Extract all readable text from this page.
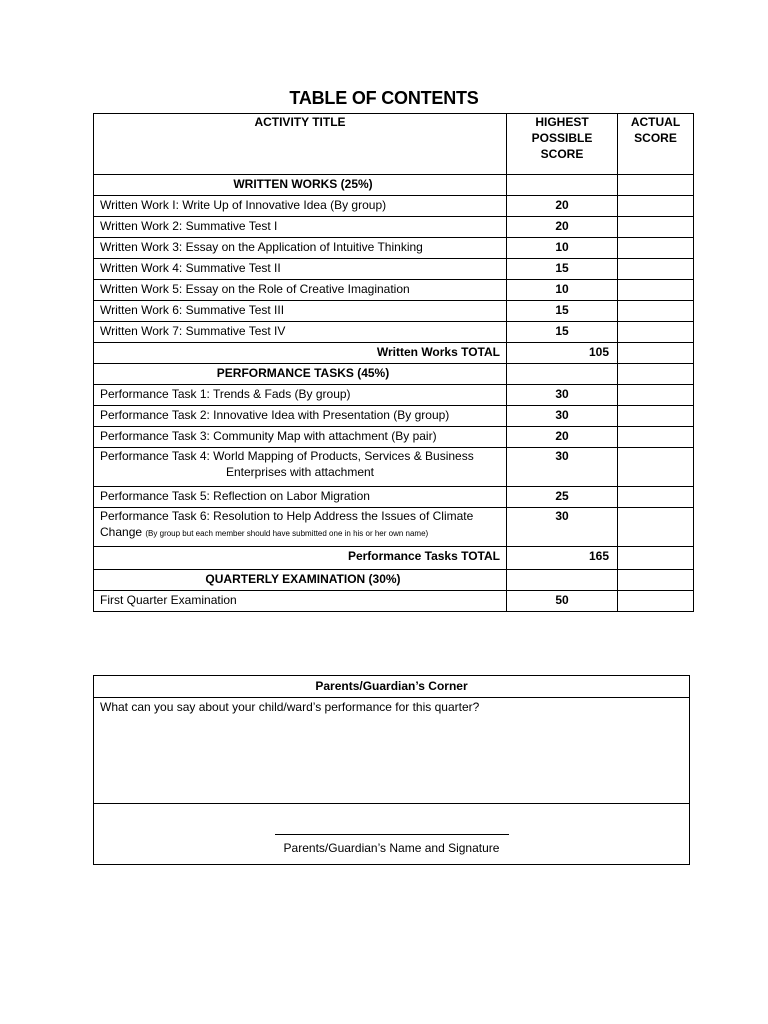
TABLE OF CONTENTS
ACTIVITY TITLE	HIGHEST POSSIBLE SCORE	ACTUAL SCORE
WRITTEN WORKS (25%)		
Written Work I: Write Up of Innovative Idea (By group)	20	
Written Work 2: Summative Test I	20	
Written Work 3: Essay on the Application of Intuitive Thinking	10	
Written Work 4: Summative Test II	15	
Written Work 5: Essay on the Role of Creative Imagination	10	
Written Work 6: Summative Test III	15	
Written Work 7: Summative Test IV	15	
Written Works TOTAL	105	
PERFORMANCE TASKS (45%)		
Performance Task 1: Trends & Fads (By group)	30	
Performance Task 2: Innovative Idea with Presentation (By group)	30	
Performance Task 3: Community Map with attachment (By pair)	20	
Performance Task 4: World Mapping of Products, Services & Business
Enterprises with attachment	30	
Performance Task 5: Reflection on Labor Migration	25	
Performance Task 6: Resolution to Help Address the Issues of Climate Change (By group but each member should have submitted one in his or her own name)	30	
Performance Tasks TOTAL	165	
QUARTERLY EXAMINATION (30%)		
First Quarter Examination	50	
Parents/Guardian’s Corner
What can you say about your child/ward’s performance for this quarter?
Parents/Guardian’s Name and Signature
